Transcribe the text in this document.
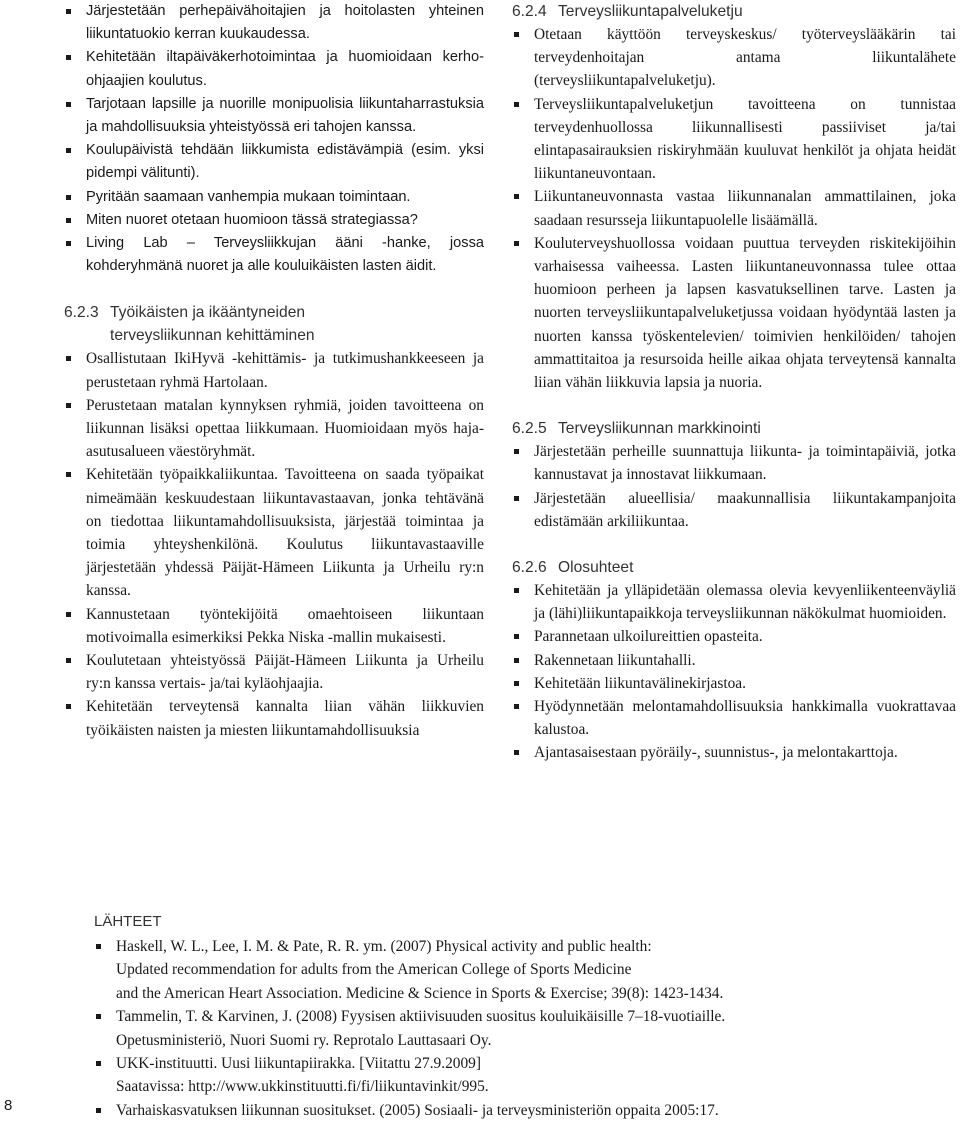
Järjestetään perhepäivähoitajien ja hoitolasten yhteinen liikuntatuokio kerran kuukaudessa.
Kehitetään iltapäiväkerhotoimintaa ja huomioidaan kerho-ohjaajien koulutus.
Tarjotaan lapsille ja nuorille monipuolisia liikuntaharrastuksia ja mahdollisuuksia yhteistyössä eri tahojen kanssa.
Koulupäivistä tehdään liikkumista edistävämpiä (esim. yksi pidempi välitunti).
Pyritään saamaan vanhempia mukaan toimintaan.
Miten nuoret otetaan huomioon tässä strategiassa?
Living Lab – Terveysliikkujan ääni -hanke, jossa kohderyhmänä nuoret ja alle kouluikäisten lasten äidit.
6.2.3 Työikäisten ja ikääntyneiden
terveysliikunnan kehittäminen
Osallistutaan IkiHyvä -kehittämis- ja tutkimushankkeeseen ja perustetaan ryhmä Hartolaan.
Perustetaan matalan kynnyksen ryhmiä, joiden tavoitteena on liikunnan lisäksi opettaa liikkumaan. Huomioidaan myös haja-asutusalueen väestöryhmät.
Kehitetään työpaikkaliikuntaa. Tavoitteena on saada työpaikat nimeämään keskuudestaan liikuntavastaavan, jonka tehtävänä on tiedottaa liikuntamahdollisuuksista, järjestää toimintaa ja toimia yhteyshenkilönä. Koulutus liikuntavastaaville järjestetään yhdessä Päijät-Hämeen Liikunta ja Urheilu ry:n kanssa.
Kannustetaan työntekijöitä omaehtoiseen liikuntaan motivoimalla esimerkiksi Pekka Niska -mallin mukaisesti.
Koulutetaan yhteistyössä Päijät-Hämeen Liikunta ja Urheilu ry:n kanssa vertais- ja/tai kyläohjaajia.
Kehitetään terveytensä kannalta liian vähän liikkuvien työikäisten naisten ja miesten liikuntamahdollisuuksia
6.2.4 Terveysliikuntapalveluketju
Otetaan käyttöön terveyskeskus/ työterveyslääkärin tai terveydenhoitajan antama liikuntalähete (terveysliikuntapalveluketju).
Terveysliikuntapalveluketjun tavoitteena on tunnistaa terveydenhuollossa liikunnallisesti passiiviset ja/tai elintapasairauksien riskiryhmään kuuluvat henkilöt ja ohjata heidät liikuntaneuvontaan.
Liikuntaneuvonnasta vastaa liikunnanalan ammattilainen, joka saadaan resursseja liikuntapuolelle lisäämällä.
Kouluterveyshuollossa voidaan puuttua terveyden riskitekijöihin varhaisessa vaiheessa. Lasten liikuntaneuvonnassa tulee ottaa huomioon perheen ja lapsen kasvatuksellinen tarve. Lasten ja nuorten terveysliikuntapalveluketjussa voidaan hyödyntää lasten ja nuorten kanssa työskentelevien/ toimivien henkilöiden/ tahojen ammattitaitoa ja resursoida heille aikaa ohjata terveytensä kannalta liian vähän liikkuvia lapsia ja nuoria.
6.2.5 Terveysliikunnan markkinointi
Järjestetään perheille suunnattuja liikunta- ja toimintapäiviä, jotka kannustavat ja innostavat liikkumaan.
Järjestetään alueellisia/ maakunnallisia liikuntakampanjoita edistämään arkiliikuntaa.
6.2.6 Olosuhteet
Kehitetään ja ylläpidetään olemassa olevia kevyenliikenteenväyliä ja (lähi)liikuntapaikkoja terveysliikunnan näkökulmat huomioiden.
Parannetaan ulkoilureittien opasteita.
Rakennetaan liikuntahalli.
Kehitetään liikuntavälinekirjastoa.
Hyödynnetään melontamahdollisuuksia hankkimalla vuokrattavaa kalustoa.
Ajantasaisestaan pyöräily-, suunnistus-, ja melontakarttoja.
LÄHTEET
Haskell, W. L., Lee, I. M. & Pate, R. R. ym. (2007) Physical activity and public health:
Updated recommendation for adults from the American College of Sports Medicine
and the American Heart Association. Medicine & Science in Sports & Exercise; 39(8): 1423-1434.
Tammelin, T. & Karvinen, J. (2008) Fyysisen aktiivisuuden suositus kouluikäisille 7–18-vuotiaille.
Opetusministeriö, Nuori Suomi ry. Reprotalo Lauttasaari Oy.
UKK-instituutti. Uusi liikuntapiirakka. [Viitattu 27.9.2009]
Saatavissa: http://www.ukkinstituutti.fi/fi/liikuntavinkit/995.
Varhaiskasvatuksen liikunnan suositukset. (2005) Sosiaali- ja terveysministeriön oppaita 2005:17.
8
